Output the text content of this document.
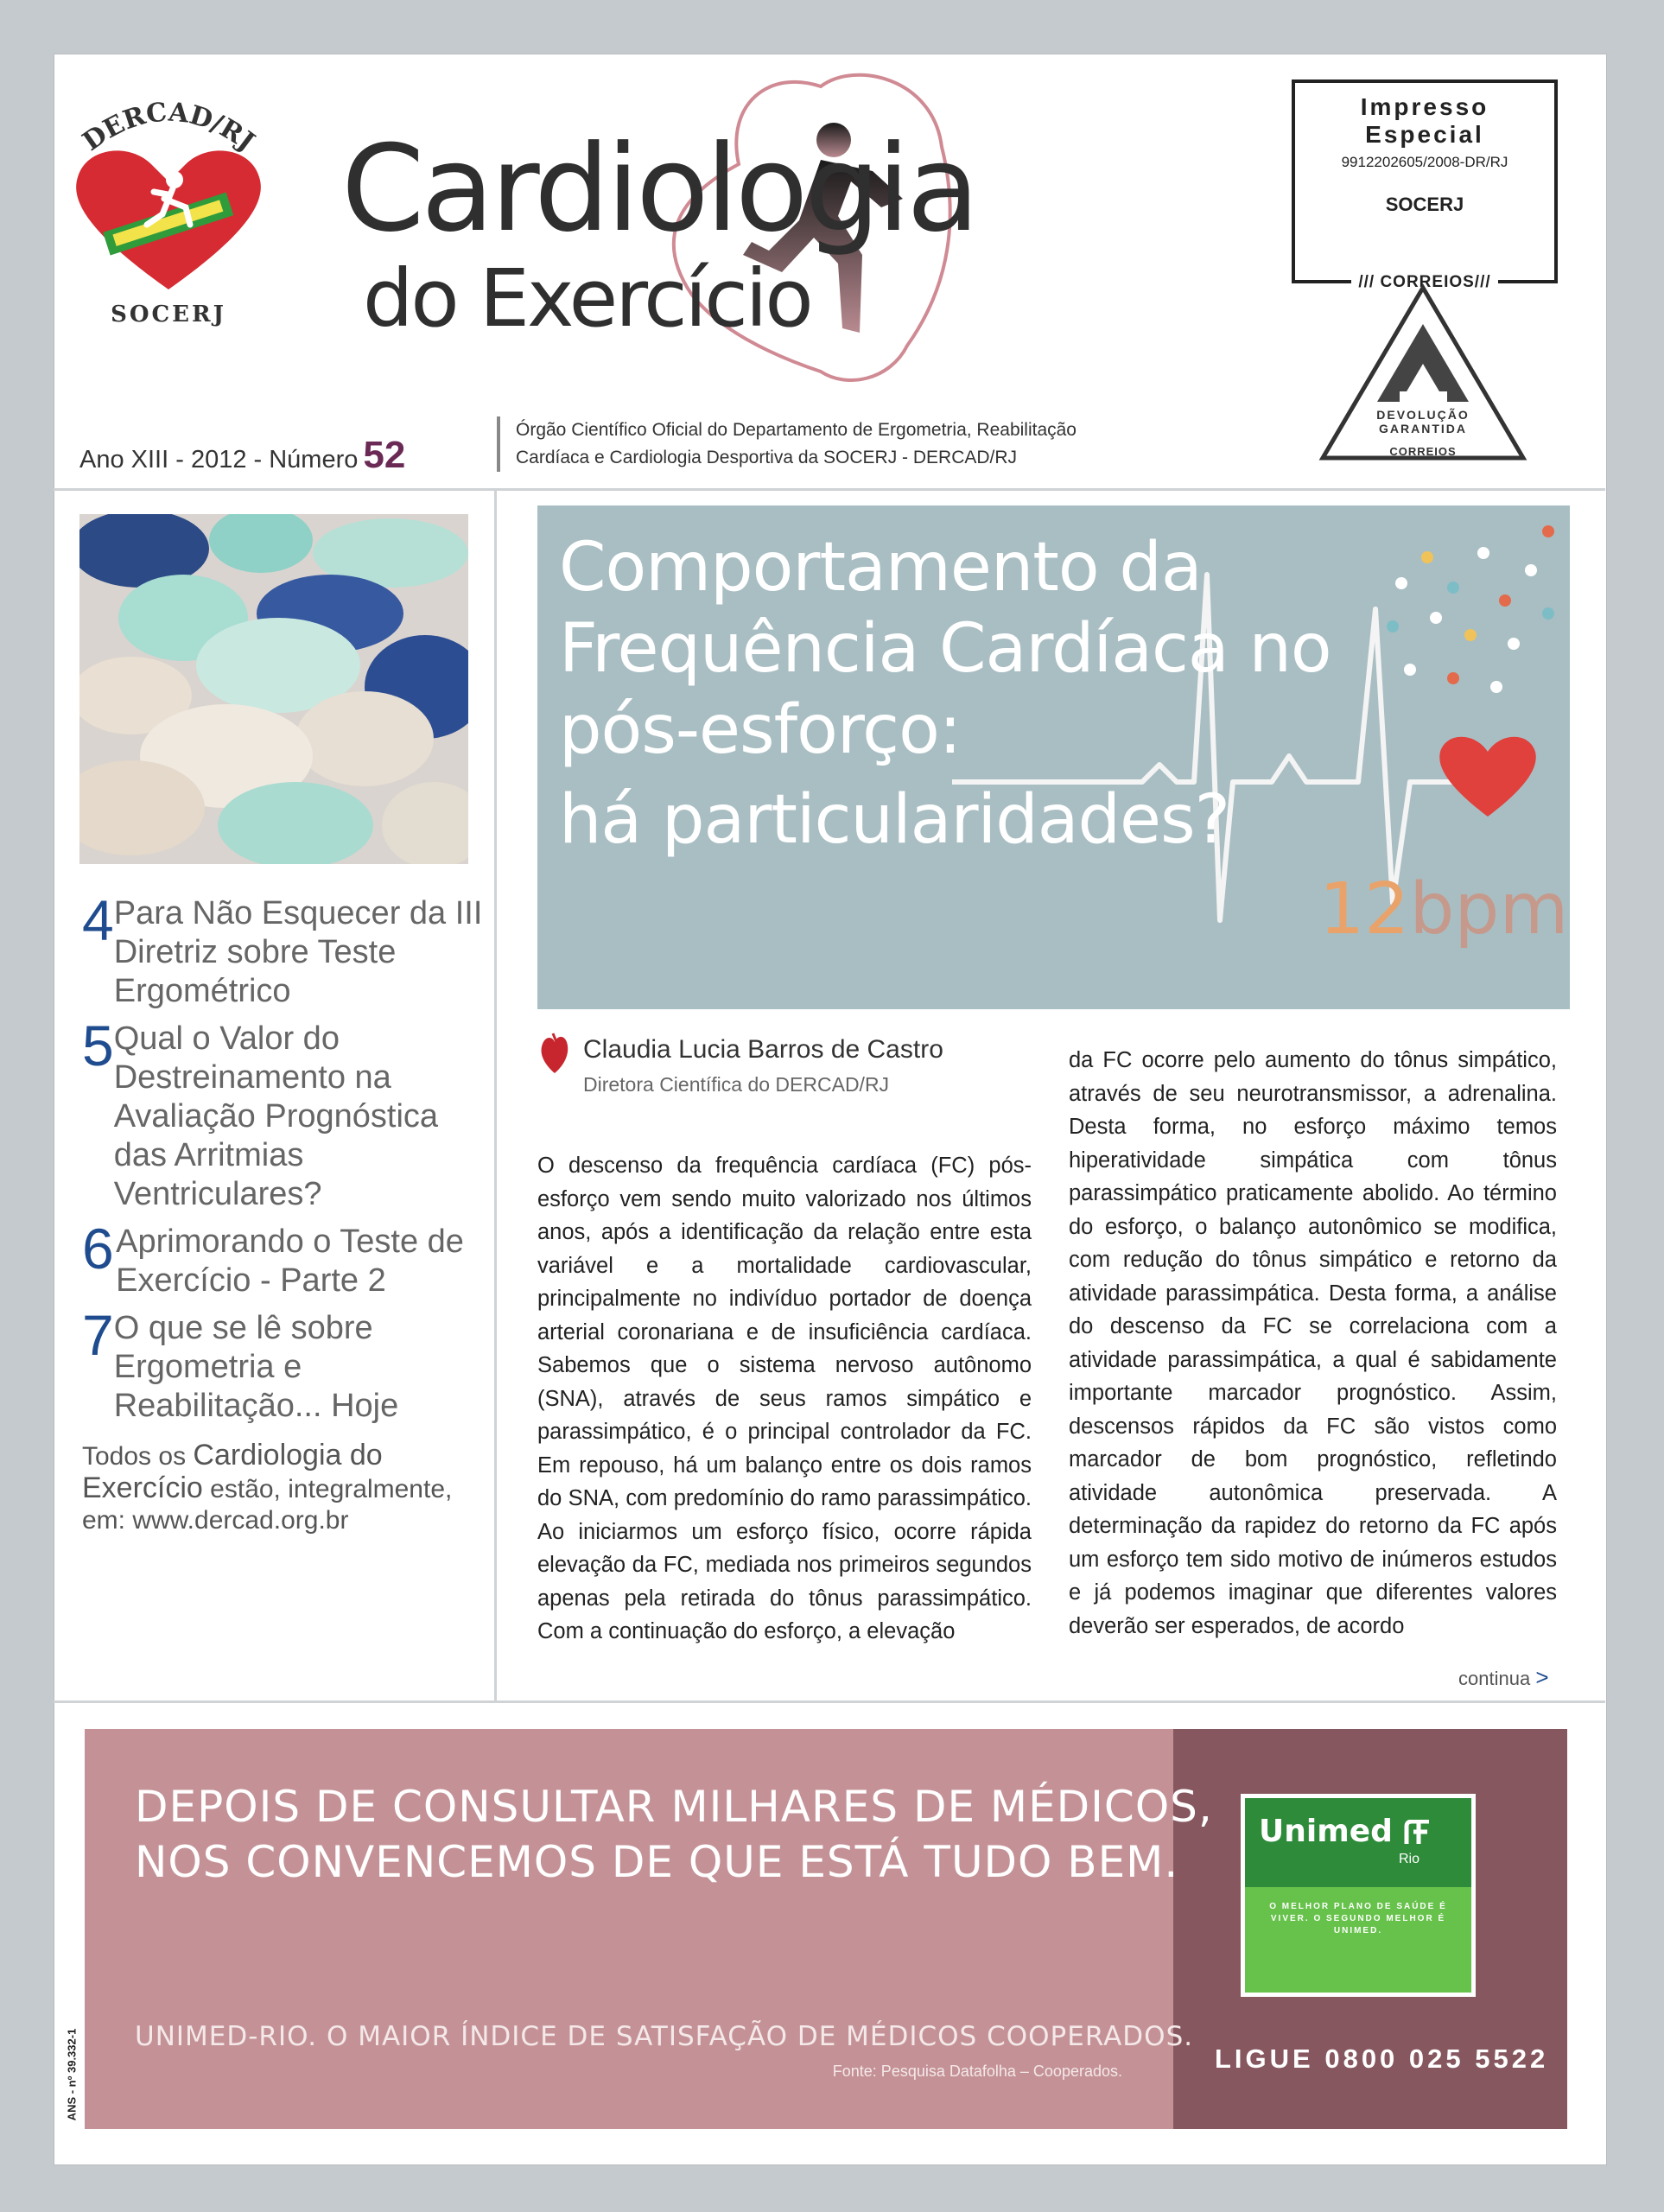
DERCAD/RJ
SOCERJ
Cardiologia
do Exercício
Ano XIII - 2012 - Número 52
Órgão Científico Oficial do Departamento de Ergometria, Reabilitação
Cardíaca e Cardiologia Desportiva da SOCERJ - DERCAD/RJ
Impresso
Especial
9912202605/2008-DR/RJ
SOCERJ
/// CORREIOS///
DEVOLUÇÃO
GARANTIDA
CORREIOS
4 Para Não Esquecer da III Diretriz sobre Teste Ergométrico
5 Qual o Valor do Destreinamento na Avaliação Prognóstica das Arritmias Ventriculares?
6 Aprimorando o Teste de Exercício - Parte 2
7 O que se lê sobre Ergometria e Reabilitação... Hoje
Todos os Cardiologia do Exercício estão, integralmente, em: www.dercad.org.br
Comportamento da Frequência Cardíaca no pós-esforço:
há particularidades?
12bpm
Claudia Lucia Barros de Castro
Diretora Científica do DERCAD/RJ
O descenso da frequência cardíaca (FC) pós-esforço vem sendo muito valorizado nos últimos anos, após a identificação da relação entre esta variável e a mortalidade cardiovascular, principalmente no indivíduo portador de doença arterial coronariana e de insuficiência cardíaca. Sabemos que o sistema nervoso autônomo (SNA), através de seus ramos simpático e parassimpático, é o principal controlador da FC. Em repouso, há um balanço entre os dois ramos do SNA, com predomínio do ramo parassimpático. Ao iniciarmos um esforço físico, ocorre rápida elevação da FC, mediada nos primeiros segundos apenas pela retirada do tônus parassimpático. Com a continuação do esforço, a elevação
da FC ocorre pelo aumento do tônus simpático, através de seu neurotransmissor, a adrenalina. Desta forma, no esforço máximo temos hiperatividade simpática com tônus parassimpático praticamente abolido. Ao término do esforço, o balanço autonômico se modifica, com redução do tônus simpático e retorno da atividade parassimpática. Desta forma, a análise do descenso da FC se correlaciona com a atividade parassimpática, a qual é sabidamente importante marcador prognóstico. Assim, descensos rápidos da FC são vistos como marcador de bom prognóstico, refletindo atividade autonômica preservada. A determinação da rapidez do retorno da FC após um esforço tem sido motivo de inúmeros estudos e já podemos imaginar que diferentes valores deverão ser esperados, de acordo
continua >
ANS - nº 39.332-1
DEPOIS DE CONSULTAR MILHARES DE MÉDICOS,
NOS CONVENCEMOS DE QUE ESTÁ TUDO BEM.
UNIMED-RIO. O MAIOR ÍNDICE DE SATISFAÇÃO DE MÉDICOS COOPERADOS.
Fonte: Pesquisa Datafolha – Cooperados.
Unimed
Rio
O MELHOR PLANO DE SAÚDE É VIVER. O SEGUNDO MELHOR É UNIMED.
LIGUE 0800 025 5522
